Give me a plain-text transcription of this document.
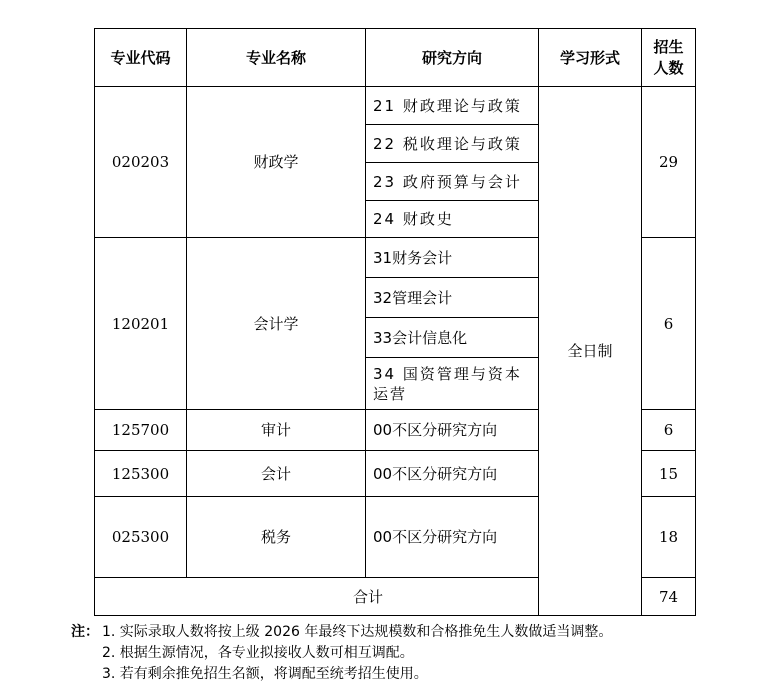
专业代码	专业名称	研究方向	学习形式	招生人数
020203	财政学	21 财政理论与政策	全日制	29
		22 税收理论与政策		
		23 政府预算与会计		
		24 财政史		
120201	会计学	31财务会计		6
		32管理会计		
		33会计信息化		
		34 国资管理与资本运营		
125700	审计	00不区分研究方向		6
125300	会计	00不区分研究方向		15
025300	税务	00不区分研究方向		18
合计				74
注： 1. 实际录取人数将按上级 2026 年最终下达规模数和合格推免生人数做适当调整。
2. 根据生源情况，各专业拟接收人数可相互调配。
3. 若有剩余推免招生名额，将调配至统考招生使用。
